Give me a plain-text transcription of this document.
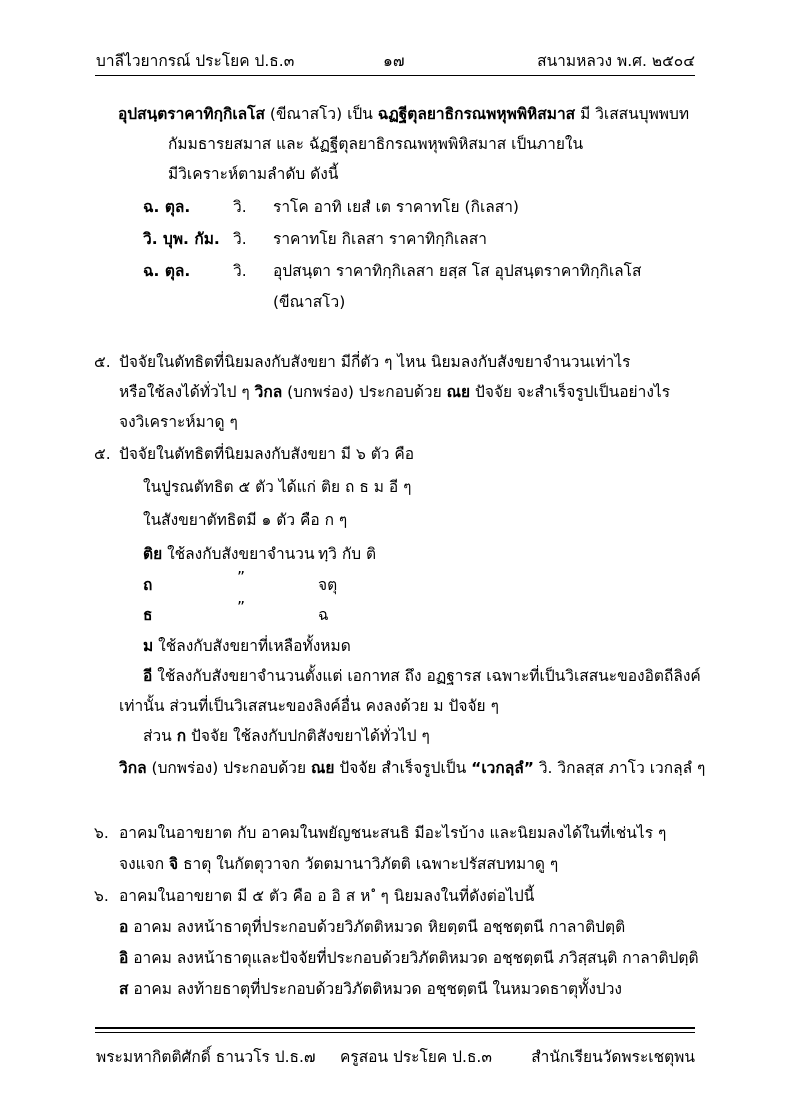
บาลีไวยากรณ์ ประโยค ป.ธ.๓	๑๗	สนามหลวง พ.ศ. ๒๕๐๔
อุปสนฺตราคาทิกฺกิเลโส (ขีณาสโว) เป็น ฉฏฐีตุลยาธิกรณพหุพพิหิสมาส มี วิเสสนบุพพบท
กัมมธารยสมาส และ ฉัฏฐีตุลยาธิกรณพหุพพิหิสมาส เป็นภายใน
มีวิเคราะห์ตามลำดับ ดังนี้
ฉ. ตุล.	วิ. ราโค อาทิ เยสํ เต ราคาทโย (กิเลสา)
วิ. บุพ. กัม. วิ. ราคาทโย กิเลสา ราคาทิกฺกิเลสา
ฉ. ตุล.	วิ. อุปสนฺตา ราคาทิกฺกิเลสา ยสฺส โส อุปสนฺตราคาทิกฺกิเลโส
(ขีณาสโว)
๕. ปัจจัยในตัทธิตที่นิยมลงกับสังขยา มีกี่ตัว ๆ ไหน นิยมลงกับสังขยาจำนวนเท่าไร
หรือใช้ลงได้ทั่วไป ๆ วิกล (บกพร่อง) ประกอบด้วย ณย ปัจจัย จะสำเร็จรูปเป็นอย่างไร
จงวิเคราะห์มาดู ๆ
๕. ปัจจัยในตัทธิตที่นิยมลงกับสังขยา มี ๖ ตัว คือ
ในปูรณตัทธิต ๕ ตัว ได้แก่ ติย ถ ธ ม อี ๆ
ในสังขยาตัทธิตมี ๑ ตัว คือ ก ๆ
ติย ใช้ลงกับสังขยาจำนวน ทฺวิ กับ ติ
ถ	”	จตุ
ธ	”	ฉ
ม ใช้ลงกับสังขยาที่เหลือทั้งหมด
อี ใช้ลงกับสังขยาจำนวนตั้งแต่ เอกาทส ถึง อฏฐารส เฉพาะที่เป็นวิเสสนะของอิตถีลิงค์
เท่านั้น ส่วนที่เป็นวิเสสนะของลิงค์อื่น คงลงด้วย ม ปัจจัย ๆ
ส่วน ก ปัจจัย ใช้ลงกับปกติสังขยาได้ทั่วไป ๆ
วิกล (บกพร่อง) ประกอบด้วย ณย ปัจจัย สำเร็จรูปเป็น “เวกลฺลํ” วิ. วิกลสฺส ภาโว เวกลฺลํ ๆ
๖. อาคมในอาขยาต กับ อาคมในพยัญชนะสนธิ มีอะไรบ้าง และนิยมลงได้ในที่เช่นไร ๆ
จงแจก จิ ธาตุ ในกัตตุวาจก วัตตมานาวิภัตติ เฉพาะปรัสสบทมาดู ๆ
๖. อาคมในอาขยาต มี ๕ ตัว คือ อ อิ ส ห ํ ๆ นิยมลงในที่ดังต่อไปนี้
อ อาคม ลงหน้าธาตุที่ประกอบด้วยวิภัตติหมวด หิยตฺตนี อชฺชตฺตนี กาลาติปตฺติ
อิ อาคม ลงหน้าธาตุและปัจจัยที่ประกอบด้วยวิภัตติหมวด อชฺชตฺตนี ภวิสฺสนฺติ กาลาติปตฺติ
ส อาคม ลงท้ายธาตุที่ประกอบด้วยวิภัตติหมวด อชฺชตฺตนี ในหมวดธาตุทั้งปวง
พระมหากิตติศักดิ์ ธานวโร ป.ธ.๗ ครูสอน ประโยค ป.ธ.๓	สำนักเรียนวัดพระเชตุพน
